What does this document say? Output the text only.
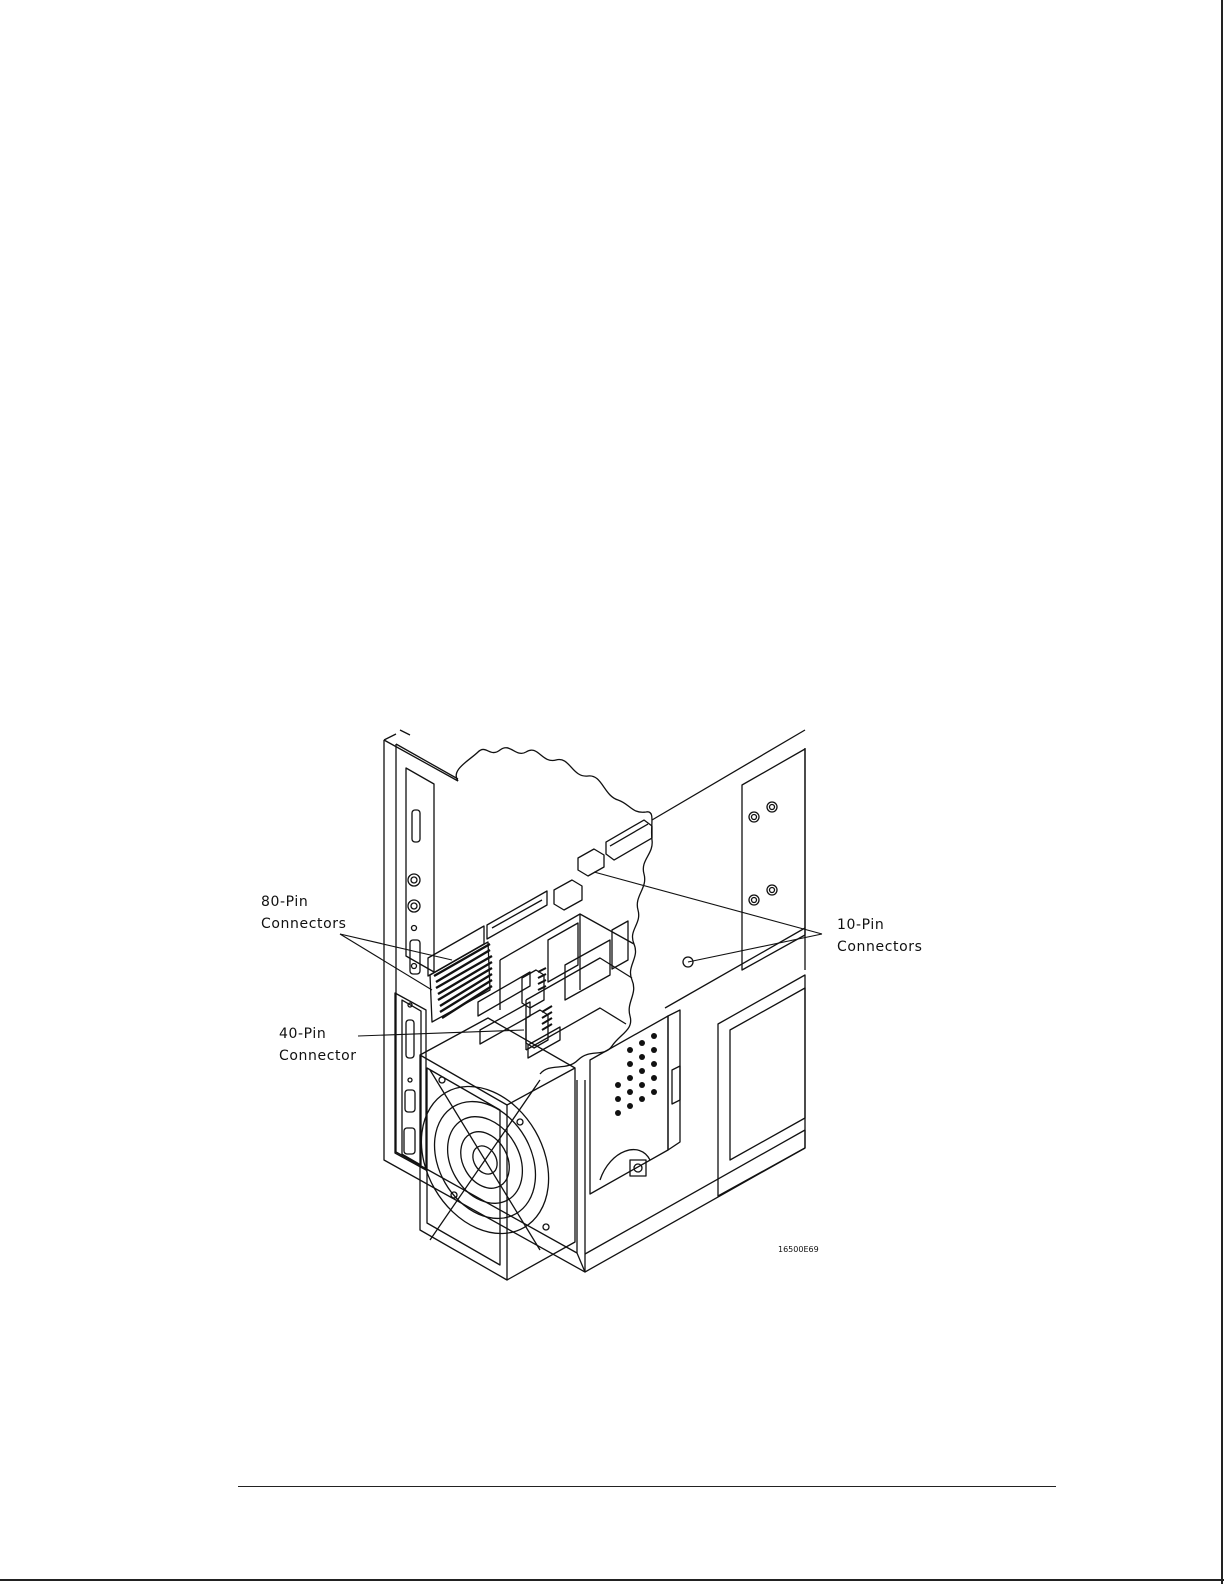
80-Pin
Connectors
40-Pin
Connector
10-Pin
Connectors
16500E69
